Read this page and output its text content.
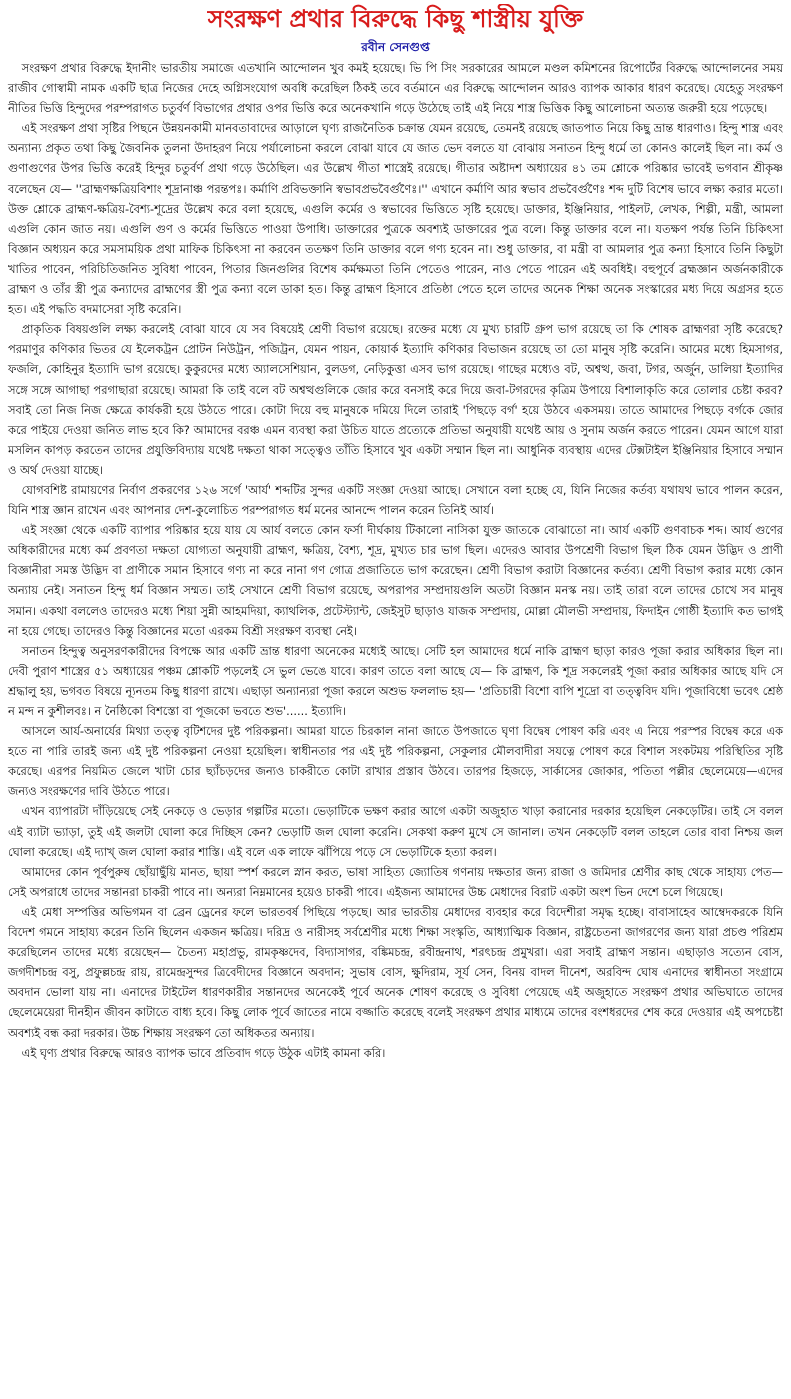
সংরক্ষণ প্রথার বিরুদ্ধে কিছু শাস্ত্রীয় যুক্তি
রবীন সেনগুপ্ত

সংরক্ষণ প্রথার বিরুদ্ধে ইদানীং ভারতীয় সমাজে এতখানি আন্দোলন খুব কমই হয়েছে। ভি পি সিং সরকারের আমলে মণ্ডল কমিশনের রিপোর্টের বিরুদ্ধে আন্দোলনের সময় রাজীব গোস্বামী নামক একটি ছাত্র নিজের দেহে অগ্নিসংযোগ অবধি করেছিল ঠিকই তবে বর্তমানে এর বিরুদ্ধে আন্দোলন আরও ব্যাপক আকার ধারণ করেছে। যেহেতু সংরক্ষণ নীতির ভিত্তি হিন্দুদের পরম্পরাগত চতুর্বর্ণ বিভাগের প্রথার ওপর ভিত্তি করে অনেকখানি গড়ে উঠেছে তাই এই নিয়ে শাস্ত্র ভিত্তিক কিছু আলোচনা অত্যন্ত জরুরী হয়ে পড়েছে।

এই সংরক্ষণ প্রথা সৃষ্টির পিছনে উন্নয়নকামী মানবতাবাদের আড়ালে ঘৃণ্য রাজনৈতিক চক্রান্ত যেমন রয়েছে, তেমনই রয়েছে জাতপাত নিয়ে কিছু ভ্রান্ত ধারণাও। হিন্দু শাস্ত্র এবং অন্যান্য প্রকৃত তথা কিছু জৈবনিক তুলনা উদাহরণ নিয়ে পর্যালোচনা করলে বোঝা যাবে যে জাত ভেদ বলতে যা বোঝায় সনাতন হিন্দু ধর্মে তা কোনও কালেই ছিল না। কর্ম ও গুণাগুণের উপর ভিত্তি করেই হিন্দুর চতুর্বর্ণ প্রথা গড়ে উঠেছিল। এর উল্লেখ গীতা শাস্ত্রেই রয়েছে। গীতার অষ্টাদশ অধ্যায়ের ৪১ তম শ্লোকে পরিষ্কার ভাবেই ভগবান শ্রীকৃষ্ণ বলেছেন যে— ''ব্রাহ্মণক্ষত্রিয়বিশাং শূদ্রানাঞ্চ পরন্তপঃ। কর্মাণি প্রবিভক্তানি স্বভাবপ্রভবৈর্গুণৈঃ।'' এখানে কর্মাণি আর স্বভাব প্রভবৈর্গুণৈঃ শব্দ দুটি বিশেষ ভাবে লক্ষ্য করার মতো। উক্ত শ্লোকে ব্রাহ্মণ-ক্ষত্রিয়-বৈশ্য-শূদ্রের উল্লেখ করে বলা হয়েছে, এগুলি কর্মের ও স্বভাবের ভিত্তিতে সৃষ্টি হয়েছে। ডাক্তার, ইঞ্জিনিয়ার, পাইলট, লেখক, শিল্পী, মন্ত্রী, আমলা এগুলি কোন জাত নয়। এগুলি গুণ ও কর্মের ভিত্তিতে পাওয়া উপাধি। ডাক্তারের পুত্রকে অবশ্যই ডাক্তারের পুত্র বলে। কিন্তু ডাক্তার বলে না। যতক্ষণ পর্যন্ত তিনি চিকিৎসা বিজ্ঞান অধ্যয়ন করে সমসাময়িক প্রথা মাফিক চিকিৎসা না করবেন ততক্ষণ তিনি ডাক্তার বলে গণ্য হবেন না। শুধু ডাক্তার, বা মন্ত্রী বা আমলার পুত্র কন্যা হিসাবে তিনি কিছুটা খাতির পাবেন, পরিচিতিজনিত সুবিধা পাবেন, পিতার জিনগুলির বিশেষ কর্মক্ষমতা তিনি পেতেও পারেন, নাও পেতে পারেন এই অবধিই। বহুপূর্বে ব্রহ্মজ্ঞান অর্জনকারীকে ব্রাহ্মণ ও তাঁর স্ত্রী পুত্র কন্যাদের ব্রাহ্মণের স্ত্রী পুত্র কন্যা বলে ডাকা হত। কিন্তু ব্রাহ্মণ হিসাবে প্রতিষ্ঠা পেতে হলে তাদের অনেক শিক্ষা অনেক সংস্কারের মধ্য দিয়ে অগ্রসর হতে হত। এই পদ্ধতি বদমাসেরা সৃষ্টি করেনি।

প্রাকৃতিক বিষয়গুলি লক্ষ্য করলেই বোঝা যাবে যে সব বিষয়েই শ্রেণী বিভাগ রয়েছে। রক্তের মধ্যে যে মুখ্য চারটি গ্রুপ ভাগ রয়েছে তা কি শোষক ব্রাহ্মণরা সৃষ্টি করেছে? পরমাণুর কণিকার ভিতর যে ইলেকট্রন প্রোটন নিউট্রন, পজিট্রন, যেমন পায়ন, কোয়ার্ক ইত্যাদি কণিকার বিভাজন রয়েছে তা তো মানুষ সৃষ্টি করেনি। আমের মধ্যে হিমসাগর, ফজলি, কোহিনুর ইত্যাদি ভাগ রয়েছে। কুকুরদের মধ্যে অ্যালসেশিয়ান, বুলডগ, নেড়িকুত্তা এসব ভাগ রয়েছে। গাছের মধ্যেও বট, অশ্বত্থ, জবা, টগর, অর্জুন, ডালিয়া ইত্যাদির সঙ্গে সঙ্গে আগাছা পরগাছারা রয়েছে। আমরা কি তাই বলে বট অশ্বত্থগুলিকে জোর করে বনসাই করে দিয়ে জবা-টগরদের কৃত্রিম উপায়ে বিশালাকৃতি করে তোলার চেষ্টা করব? সবাই তো নিজ নিজ ক্ষেত্রে কার্যকরী হয়ে উঠতে পারে। কোটা দিয়ে বহু মানুষকে দমিয়ে দিলে তারাই 'পিছড়ে বর্গ' হয়ে উঠবে একসময়। তাতে আমাদের পিছড়ে বর্গকে জোর করে পাইয়ে দেওয়া জনিত লাভ হবে কি? আমাদের বরঞ্চ এমন ব্যবস্থা করা উচিত যাতে প্রত্যেকে প্রতিভা অনুযায়ী যথেষ্ট আয় ও সুনাম অর্জন করতে পারেন। যেমন আগে যারা মসলিন কাপড় করতেন তাদের প্রযুক্তিবিদ্যায় যথেষ্ট দক্ষতা থাকা সত্ত্বেও তাঁতি হিসাবে খুব একটা সম্মান ছিল না। আধুনিক ব্যবস্থায় এদের টেক্সটাইল ইঞ্জিনিয়ার হিসাবে সম্মান ও অর্থ দেওয়া যাচ্ছে।

যোগবশিষ্ট রামায়ণের নির্বাণ প্রকরণের ১২৬ সর্গে 'আর্য' শব্দটির সুন্দর একটি সংজ্ঞা দেওয়া আছে। সেখানে বলা হচ্ছে যে, যিনি নিজের কর্তব্য যথাযথ ভাবে পালন করেন, যিনি শাস্ত্র জ্ঞান রাখেন এবং আপনার দেশ-কুলোচিত পরম্পরাগত ধর্ম মনের আনন্দে পালন করেন তিনিই আর্য।

এই সংজ্ঞা থেকে একটি ব্যাপার পরিষ্কার হয়ে যায় যে আর্য বলতে কোন ফর্সা দীর্ঘকায় টিকালো নাসিকা যুক্ত জাতকে বোঝাতো না। আর্য একটি গুণবাচক শব্দ। আর্য গুণের অধিকারীদের মধ্যে কর্ম প্রবণতা দক্ষতা যোগ্যতা অনুযায়ী ব্রাহ্মণ, ক্ষত্রিয়, বৈশ্য, শূদ্র, মুখ্যত চার ভাগ ছিল। এদেরও আবার উপশ্রেণী বিভাগ ছিল ঠিক যেমন উদ্ভিদ ও প্রাণী বিজ্ঞানীরা সমস্ত উদ্ভিদ বা প্রাণীকে সমান হিসাবে গণ্য না করে নানা গণ গোত্র প্রজাতিতে ভাগ করেছেন। শ্রেণী বিভাগ করাটা বিজ্ঞানের কর্তব্য। শ্রেণী বিভাগ করার মধ্যে কোন অন্যায় নেই। সনাতন হিন্দু ধর্ম বিজ্ঞান সম্মত। তাই সেখানে শ্রেণী বিভাগ রয়েছে, অপরাপর সম্প্রদায়গুলি অতটা বিজ্ঞান মনস্ক নয়। তাই তারা বলে তাদের চোখে সব মানুষ সমান। একথা বললেও তাদেরও মধ্যে শিয়া সুন্নী আহমদিয়া, ক্যাথলিক, প্রটেস্ট্যান্ট, জেইসুট ছাড়াও যাজক সম্প্রদায়, মোল্লা মৌলভী সম্প্রদায়, ফিদাইন গোষ্ঠী ইত্যাদি কত ভাগই না হয়ে গেছে। তাদেরও কিন্তু বিজ্ঞানের মতো এরকম বিশ্রী সংরক্ষণ ব্যবস্থা নেই।

সনাতন হিন্দুত্ব অনুসরণকারীদের বিপক্ষে আর একটি ভ্রান্ত ধারণা অনেকের মধ্যেই আছে। সেটি হল আমাদের ধর্মে নাকি ব্রাহ্মণ ছাড়া কারও পূজা করার অধিকার ছিল না। দেবী পুরাণ শাস্ত্রের ৫১ অধ্যায়ের পঞ্চম শ্লোকটি পড়লেই সে ভুল ভেঙে যাবে। কারণ তাতে বলা আছে যে— কি ব্রাহ্মণ, কি শূদ্র সকলেরই পূজা করার অধিকার আছে যদি সে শ্রদ্ধালু হয়, ভগবত বিষয়ে ন্যূনতম কিছু ধারণা রাখে। এছাড়া অন্যান্যরা পূজা করলে অশুভ ফললাভ হয়— 'প্রতিচারী বিশো বাপি শূদ্রো বা তত্ত্ববিদ যদি। পূজাবিধো ভবেৎ শ্রেষ্ঠ ন মন্দ ন কুশীলবঃ। ন নৈষ্ঠিকো বিশস্তো বা পূজকো ভবতে শুভ'...... ইত্যাদি।

আসলে আর্য-অনার্যের মিথ্যা তত্ত্ব বৃটিশদের দুষ্ট পরিকল্পনা। আমরা যাতে চিরকাল নানা জাতে উপজাতে ঘৃণা বিদ্বেষ পোষণ করি এবং এ নিয়ে পরস্পর বিদ্বেষ করে এক হতে না পারি তারই জন্য এই দুষ্ট পরিকল্পনা নেওয়া হয়েছিল। স্বাধীনতার পর এই দুষ্ট পরিকল্পনা, সেকুলার মৌলবাদীরা সযত্নে পোষণ করে বিশাল সংকটময় পরিস্থিতির সৃষ্টি করেছে। এরপর নিয়মিত জেলে খাটা চোর ছ্যাঁচড়দের জন্যও চাকরীতে কোটা রাখার প্রস্তাব উঠবে। তারপর হিজড়ে, সার্কাসের জোকার, পতিতা পল্লীর ছেলেমেয়ে—এদের জন্যও সংরক্ষণের দাবি উঠতে পারে।

এখন ব্যাপারটা দাঁড়িয়েছে সেই নেকড়ে ও ভেড়ার গল্পটির মতো। ভেড়াটিকে ভক্ষণ করার আগে একটা অজুহাত খাড়া করানোর দরকার হয়েছিল নেকড়েটির। তাই সে বলল এই ব্যাটা ভ্যাড়া, তুই এই জলটা ঘোলা করে দিচ্ছিস কেন? ভেড়াটি জল ঘোলা করেনি। সেকথা করুণ মুখে সে জানাল। তখন নেকড়েটি বলল তাহলে তোর বাবা নিশ্চয় জল ঘোলা করেছে। এই দ্যাখ্ জল ঘোলা করার শাস্তি। এই বলে এক লাফে ঝাঁপিয়ে পড়ে সে ভেড়াটিকে হত্যা করল।

আমাদের কোন পূর্বপুরুষ ছোঁয়াছুঁয়ি মানত, ছায়া স্পর্শ করলে স্নান করত, ভাষা সাহিত্য জ্যোতিষ গণনায় দক্ষতার জন্য রাজা ও জমিদার শ্রেণীর কাছ থেকে সাহায্য পেত— সেই অপরাধে তাদের সন্তানরা চাকরী পাবে না। অন্যরা নিম্নমানের হয়েও চাকরী পাবে। এইজন্য আমাদের উচ্চ মেধাদের বিরাট একটা অংশ ভিন দেশে চলে গিয়েছে।

এই মেধা সম্পত্তির অভিগমন বা ব্রেন ড্রেনের ফলে ভারতবর্ষ পিছিয়ে পড়ছে। আর ভারতীয় মেধাদের ব্যবহার করে বিদেশীরা সমৃদ্ধ হচ্ছে। বাবাসাহেব আম্বেদকরকে যিনি বিদেশ গমনে সাহায্য করেন তিনি ছিলেন একজন ক্ষত্রিয়। দরিদ্র ও নারীসহ সর্বশ্রেণীর মধ্যে শিক্ষা সংস্কৃতি, আধ্যাত্মিক বিজ্ঞান, রাষ্ট্রচেতনা জাগরণের জন্য যারা প্রচণ্ড পরিশ্রম করেছিলেন তাদের মধ্যে রয়েছেন— চৈতন্য মহাপ্রভু, রামকৃষ্ণদেব, বিদ্যাসাগর, বঙ্কিমচন্দ্র, রবীন্দ্রনাথ, শরৎচন্দ্র প্রমুখরা। এরা সবাই ব্রাহ্মণ সন্তান। এছাড়াও সত্যেন বোস, জগদীশচন্দ্র বসু, প্রফুল্লচন্দ্র রায়, রামেন্দ্রসুন্দর ত্রিবেদীদের বিজ্ঞানে অবদান; সুভাষ বোস, ক্ষুদিরাম, সূর্য সেন, বিনয় বাদল দীনেশ, অরবিন্দ ঘোষ এনাদের স্বাধীনতা সংগ্রামে অবদান ভোলা যায় না। এনাদের টাইটেল ধারণকারীর সন্তানদের অনেকেই পূর্বে অনেক শোষণ করেছে ও সুবিধা পেয়েছে এই অজুহাতে সংরক্ষণ প্রথার অভিঘাতে তাদের ছেলেমেয়েরা দীনহীন জীবন কাটাতে বাধ্য হবে। কিছু লোক পূর্বে জাতের নামে বজ্জাতি করেছে বলেই সংরক্ষণ প্রথার মাধ্যমে তাদের বংশধরদের শেষ করে দেওয়ার এই অপচেষ্টা অবশ্যই বন্ধ করা দরকার। উচ্চ শিক্ষায় সংরক্ষণ তো অধিকতর অন্যায়।

এই ঘৃণ্য প্রথার বিরুদ্ধে আরও ব্যাপক ভাবে প্রতিবাদ গড়ে উঠুক এটাই কামনা করি।
